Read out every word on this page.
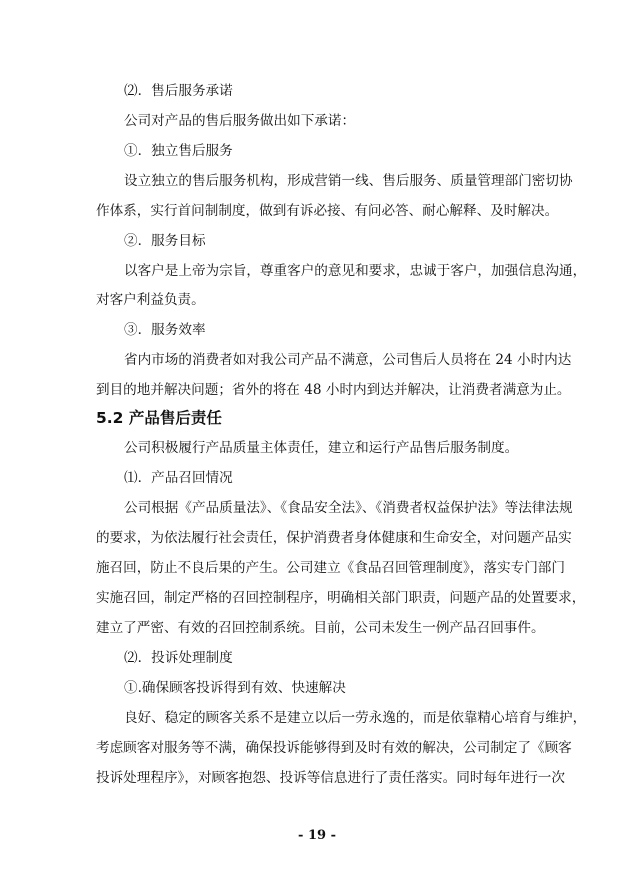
⑵．售后服务承诺
公司对产品的售后服务做出如下承诺：
①．独立售后服务
设立独立的售后服务机构，形成营销一线、售后服务、质量管理部门密切协
作体系，实行首问制制度，做到有诉必接、有问必答、耐心解释、及时解决。
②．服务目标
以客户是上帝为宗旨，尊重客户的意见和要求，忠诚于客户，加强信息沟通，
对客户利益负责。
③．服务效率
省内市场的消费者如对我公司产品不满意，公司售后人员将在 24 小时内达
到目的地并解决问题；省外的将在 48 小时内到达并解决，让消费者满意为止。
5.2 产品售后责任
公司积极履行产品质量主体责任，建立和运行产品售后服务制度。
⑴．产品召回情况
公司根据《产品质量法》、《食品安全法》、《消费者权益保护法》等法律法规
的要求，为依法履行社会责任，保护消费者身体健康和生命安全，对问题产品实
施召回，防止不良后果的产生。公司建立《食品召回管理制度》，落实专门部门
实施召回，制定严格的召回控制程序，明确相关部门职责，问题产品的处置要求，
建立了严密、有效的召回控制系统。目前，公司未发生一例产品召回事件。
⑵．投诉处理制度
①.确保顾客投诉得到有效、快速解决
良好、稳定的顾客关系不是建立以后一劳永逸的，而是依靠精心培育与维护，
考虑顾客对服务等不满，确保投诉能够得到及时有效的解决，公司制定了《顾客
投诉处理程序》，对顾客抱怨、投诉等信息进行了责任落实。同时每年进行一次
- 19 -
